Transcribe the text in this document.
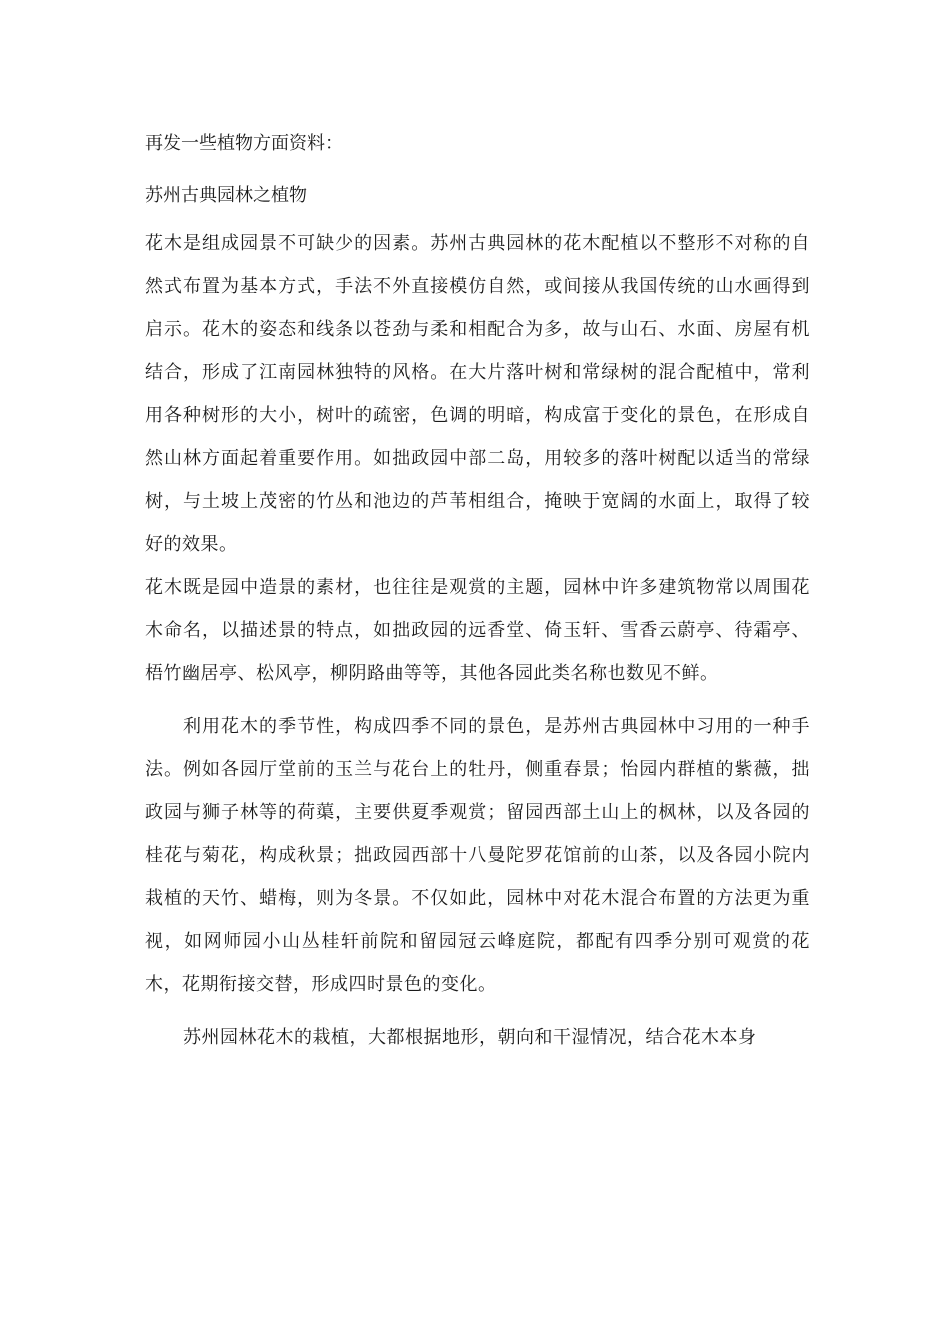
再发一些植物方面资料：

苏州古典园林之植物

花木是组成园景不可缺少的因素。苏州古典园林的花木配植以不整形不对称的自然式布置为基本方式，手法不外直接模仿自然，或间接从我国传统的山水画得到启示。花木的姿态和线条以苍劲与柔和相配合为多，故与山石、水面、房屋有机结合，形成了江南园林独特的风格。在大片落叶树和常绿树的混合配植中，常利用各种树形的大小，树叶的疏密，色调的明暗，构成富于变化的景色，在形成自然山林方面起着重要作用。如拙政园中部二岛，用较多的落叶树配以适当的常绿树，与土坡上茂密的竹丛和池边的芦苇相组合，掩映于宽阔的水面上，取得了较好的效果。

花木既是园中造景的素材，也往往是观赏的主题，园林中许多建筑物常以周围花木命名，以描述景的特点，如拙政园的远香堂、倚玉轩、雪香云蔚亭、待霜亭、梧竹幽居亭、松风亭，柳阴路曲等等，其他各园此类名称也数见不鲜。

利用花木的季节性，构成四季不同的景色，是苏州古典园林中习用的一种手法。例如各园厅堂前的玉兰与花台上的牡丹，侧重春景；怡园内群植的紫薇，拙政园与狮子林等的荷蕖，主要供夏季观赏；留园西部土山上的枫林，以及各园的桂花与菊花，构成秋景；拙政园西部十八曼陀罗花馆前的山茶，以及各园小院内栽植的天竹、蜡梅，则为冬景。不仅如此，园林中对花木混合布置的方法更为重视，如网师园小山丛桂轩前院和留园冠云峰庭院，都配有四季分别可观赏的花木，花期衔接交替，形成四时景色的变化。

苏州园林花木的栽植，大都根据地形，朝向和干湿情况，结合花木本身
